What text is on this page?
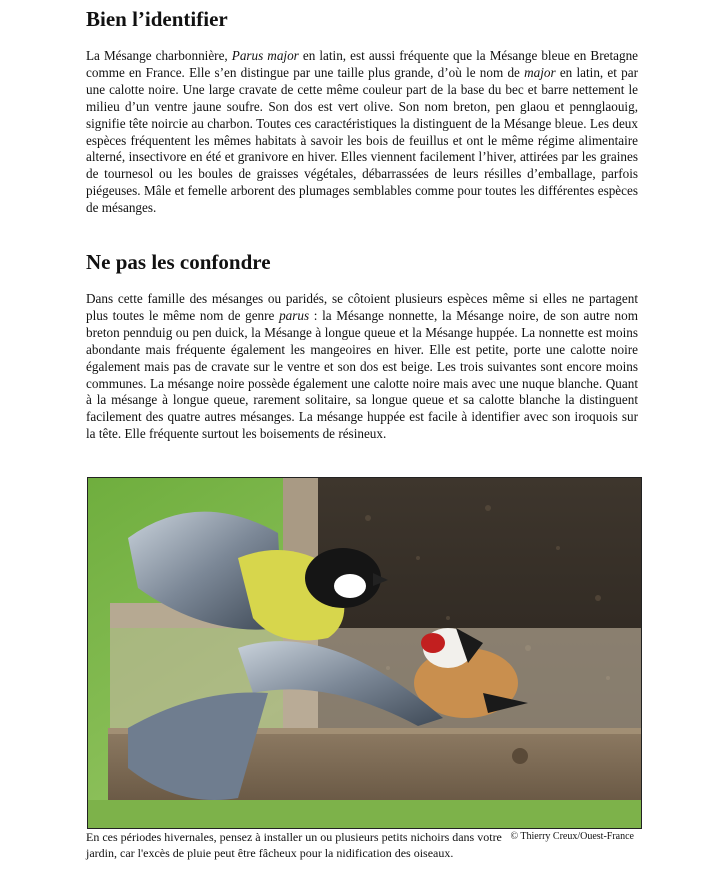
Bien l’identifier

La Mésange charbonnière, Parus major en latin, est aussi fréquente que la Mésange bleue en Bretagne comme en France. Elle s’en distingue par une taille plus grande, d’où le nom de major en latin, et par une calotte noire. Une large cravate de cette même couleur part de la base du bec et barre nettement le milieu d’un ventre jaune soufre. Son dos est vert olive. Son nom breton, pen glaou et pennglaouig, signifie tête noircie au charbon. Toutes ces caractéristiques la distinguent de la Mésange bleue. Les deux espèces fréquentent les mêmes habitats à savoir les bois de feuillus et ont le même régime alimentaire alterné, insectivore en été et granivore en hiver. Elles viennent facilement l’hiver, attirées par les graines de tournesol ou les boules de graisses végétales, débarrassées de leurs résilles d’emballage, parfois piégeuses. Mâle et femelle arborent des plumages semblables comme pour toutes les différentes espèces de mésanges.

Ne pas les confondre

Dans cette famille des mésanges ou paridés, se côtoient plusieurs espèces même si elles ne partagent plus toutes le même nom de genre parus : la Mésange nonnette, la Mésange noire, de son autre nom breton pennduig ou pen duick, la Mésange à longue queue et la Mésange huppée. La nonnette est moins abondante mais fréquente également les mangeoires en hiver. Elle est petite, porte une calotte noire également mais pas de cravate sur le ventre et son dos est beige. Les trois suivantes sont encore moins communes. La mésange noire possède également une calotte noire mais avec une nuque blanche. Quant à la mésange à longue queue, rarement solitaire, sa longue queue et sa calotte blanche la distinguent facilement des quatre autres mésanges. La mésange huppée est facile à identifier avec son iroquois sur la tête. Elle fréquente surtout les boisements de résineux.

© Thierry Creux/Ouest-France
En ces périodes hivernales, pensez à installer un ou plusieurs petits nichoirs dans votre jardin, car l'excès de pluie peut être fâcheux pour la nidification des oiseaux.
